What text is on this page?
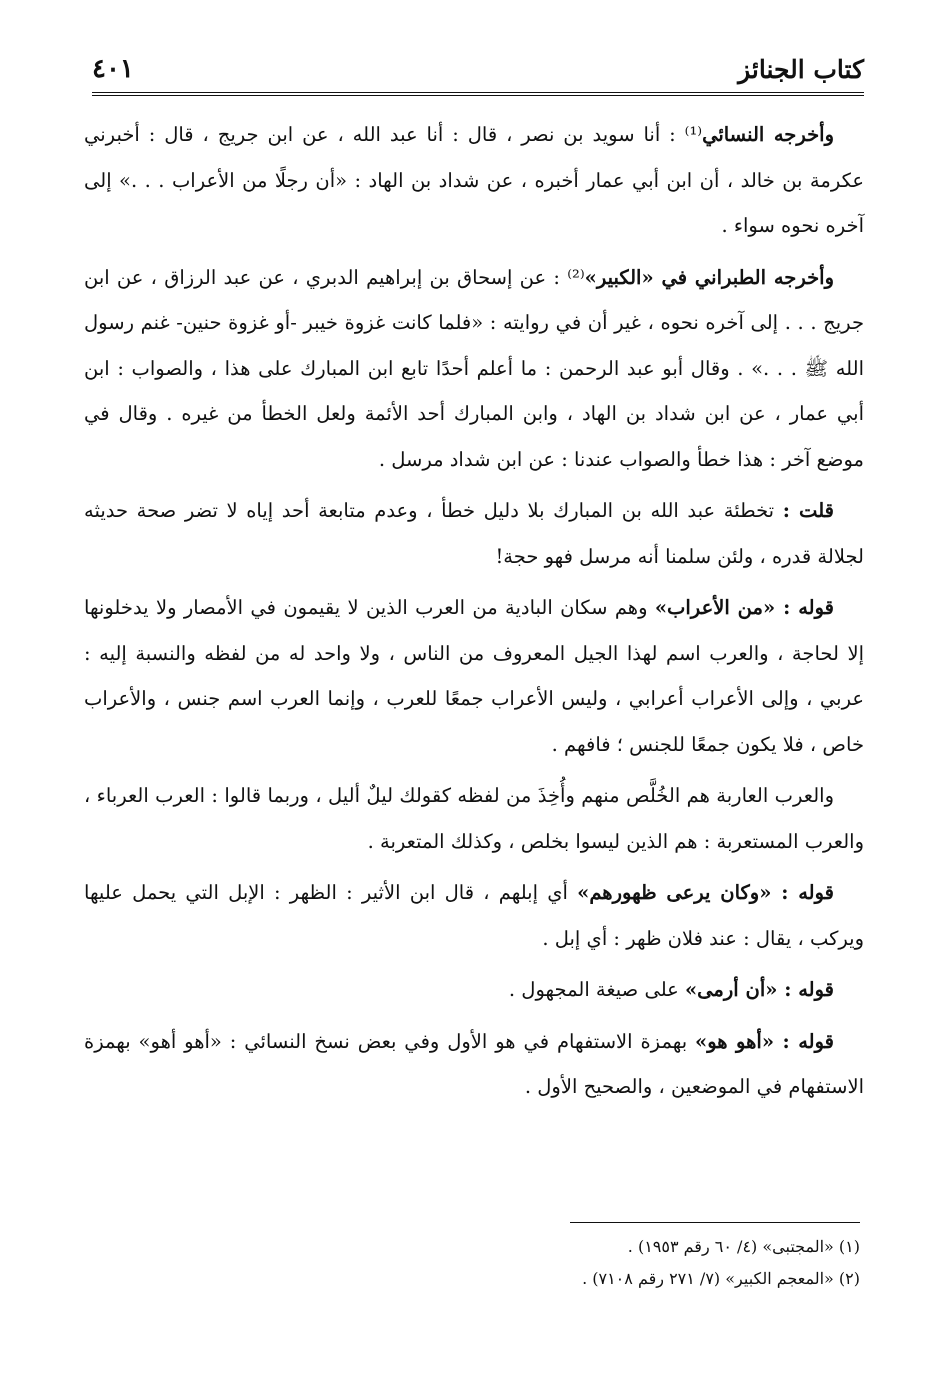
٤٠١	كتاب الجنائز

وأخرجه النسائي⁽¹⁾ : أنا سويد بن نصر ، قال : أنا عبد الله ، عن ابن جريج ، قال : أخبرني عكرمة بن خالد ، أن ابن أبي عمار أخبره ، عن شداد بن الهاد : «أن رجلًا من الأعراب . . .» إلى آخره نحوه سواء .

وأخرجه الطبراني في «الكبير»⁽²⁾ : عن إسحاق بن إبراهيم الدبري ، عن عبد الرزاق ، عن ابن جريج . . . إلى آخره نحوه ، غير أن في روايته : «فلما كانت غزوة خيبر -أو غزوة حنين- غنم رسول الله ﷺ . . .» . وقال أبو عبد الرحمن : ما أعلم أحدًا تابع ابن المبارك على هذا ، والصواب : ابن أبي عمار ، عن ابن شداد بن الهاد ، وابن المبارك أحد الأئمة ولعل الخطأ من غيره . وقال في موضع آخر : هذا خطأ والصواب عندنا : عن ابن شداد مرسل .

قلت : تخطئة عبد الله بن المبارك بلا دليل خطأ ، وعدم متابعة أحد إياه لا تضر صحة حديثه لجلالة قدره ، ولئن سلمنا أنه مرسل فهو حجة!

قوله : «من الأعراب» وهم سكان البادية من العرب الذين لا يقيمون في الأمصار ولا يدخلونها إلا لحاجة ، والعرب اسم لهذا الجيل المعروف من الناس ، ولا واحد له من لفظه والنسبة إليه : عربي ، وإلى الأعراب أعرابي ، وليس الأعراب جمعًا للعرب ، وإنما العرب اسم جنس ، والأعراب خاص ، فلا يكون جمعًا للجنس ؛ فافهم .

والعرب العاربة هم الخُلَّص منهم وأُخِذَ من لفظه كقولك ليلٌ أليل ، وربما قالوا : العرب العرباء ، والعرب المستعربة : هم الذين ليسوا بخلص ، وكذلك المتعربة .

قوله : «وكان يرعى ظهورهم» أي إبلهم ، قال ابن الأثير : الظهر : الإبل التي يحمل عليها ويركب ، يقال : عند فلان ظهر : أي إبل .

قوله : «أن أرمى» على صيغة المجهول .

قوله : «أهو هو» بهمزة الاستفهام في هو الأول وفي بعض نسخ النسائي : «أهو أهو» بهمزة الاستفهام في الموضعين ، والصحيح الأول .

(١) «المجتبى» (٤/ ٦٠ رقم ١٩٥٣) .

(٢) «المعجم الكبير» (٧/ ٢٧١ رقم ٧١٠٨) .
